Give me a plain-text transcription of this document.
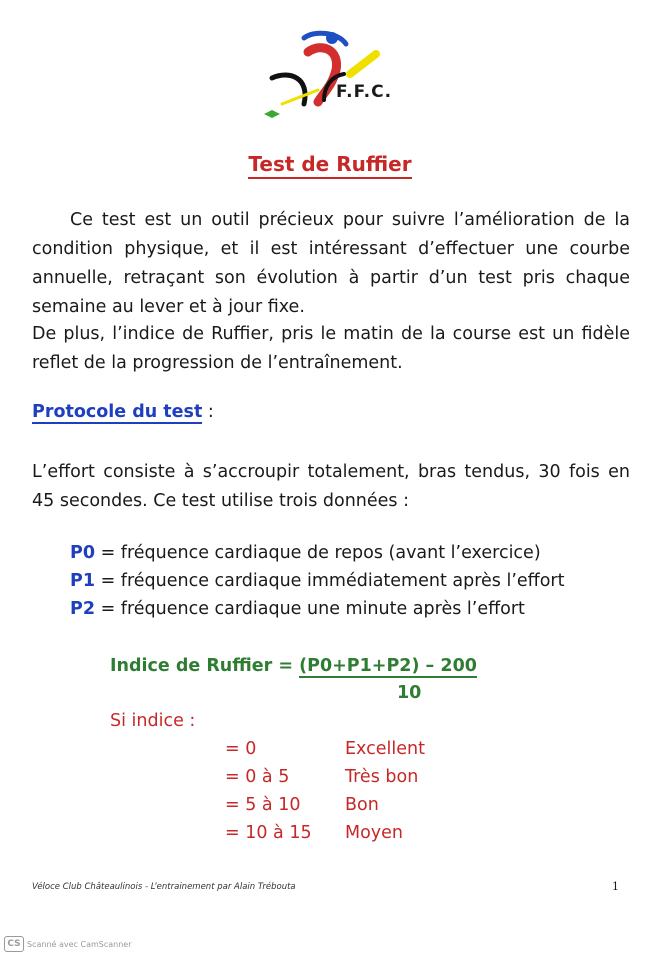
F.F.C.
Test de Ruffier
Ce test est un outil précieux pour suivre l’amélioration de la condition physique, et il est intéressant d’effectuer une courbe annuelle, retraçant son évolution à partir d’un test pris chaque semaine au lever et à jour fixe.
De plus, l’indice de Ruffier, pris le matin de la course est un fidèle reflet de la progression de l’entraînement.
Protocole du test :
L’effort consiste à s’accroupir totalement, bras tendus, 30 fois en 45 secondes. Ce test utilise trois données :
P0 = fréquence cardiaque de repos (avant l’exercice)
P1 = fréquence cardiaque immédiatement après l’effort
P2 = fréquence cardiaque une minute après l’effort
Indice de Ruffier = (P0+P1+P2) – 200
10
Si indice :
= 0	Excellent
= 0 à 5	Très bon
= 5 à 10	Bon
= 10 à 15 Moyen
Véloce Club Châteaulinois - L’entrainement par Alain Trébouta	1
CS Scanné avec CamScanner
